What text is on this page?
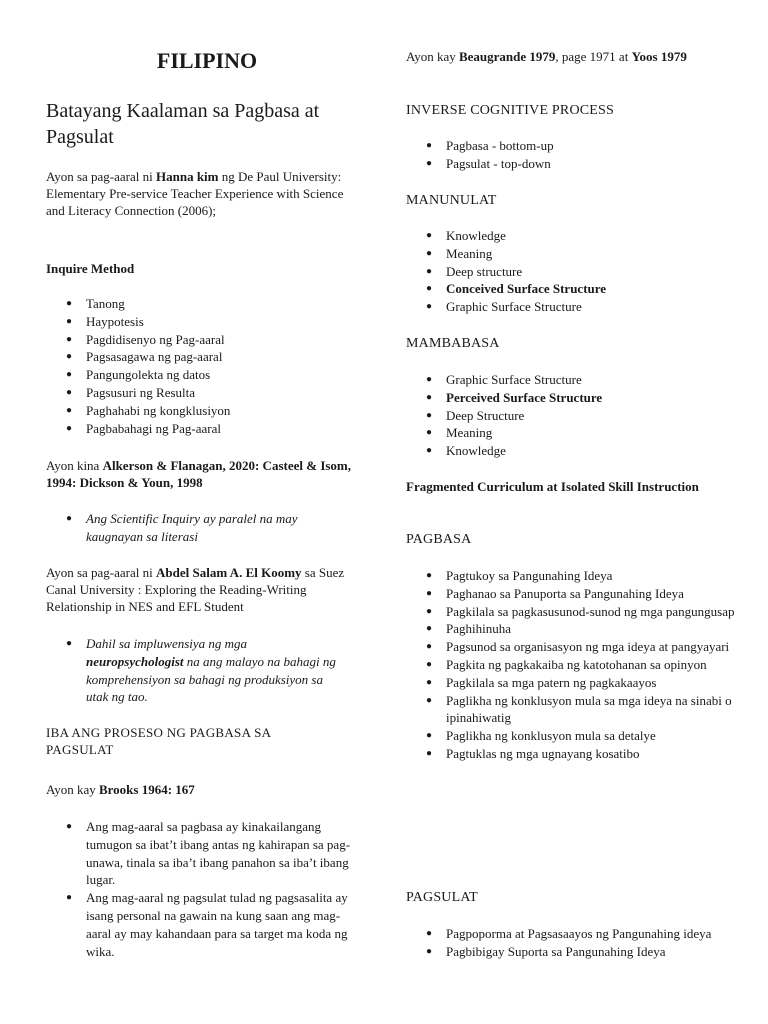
FILIPINO
Batayang Kaalaman sa Pagbasa at Pagsulat

Ayon sa pag-aaral ni Hanna kim ng De Paul University: Elementary Pre-service Teacher Experience with Science and Literacy Connection (2006);

Inquire Method
● Tanong
● Haypotesis
● Pagdidisenyo ng Pag-aaral
● Pagsasagawa ng pag-aaral
● Pangungolekta ng datos
● Pagsusuri ng Resulta
● Paghahabi ng kongklusiyon
● Pagbabahagi ng Pag-aaral

Ayon kina Alkerson & Flanagan, 2020: Casteel & Isom, 1994: Dickson & Youn, 1998

● Ang Scientific Inquiry ay paralel na may kaugnayan sa literasi

Ayon sa pag-aaral ni Abdel Salam A. El Koomy sa Suez Canal University : Exploring the Reading-Writing Relationship in NES and EFL Student

● Dahil sa impluwensiya ng mga neuropsychologist na ang malayo na bahagi ng komprehensiyon sa bahagi ng produksiyon sa utak ng tao.

IBA ANG PROSESO NG PAGBASA SA PAGSULAT

Ayon kay Brooks 1964: 167

● Ang mag-aaral sa pagbasa ay kinakailangang tumugon sa ibat’t ibang antas ng kahirapan sa pag-unawa, tinala sa iba’t ibang panahon sa iba’t ibang lugar.
● Ang mag-aaral ng pagsulat tulad ng pagsasalita ay isang personal na gawain na kung saan ang mag-aaral ay may kahandaan para sa target ma koda ng wika.

Ayon kay Beaugrande 1979, page 1971 at Yoos 1979

INVERSE COGNITIVE PROCESS
● Pagbasa - bottom-up
● Pagsulat - top-down
MANUNULAT
● Knowledge
● Meaning
● Deep structure
● Conceived Surface Structure
● Graphic Surface Structure
MAMBABASA
● Graphic Surface Structure
● Perceived Surface Structure
● Deep Structure
● Meaning
● Knowledge
Fragmented Curriculum at Isolated Skill Instruction
PAGBASA
● Pagtukoy sa Pangunahing Ideya
● Paghanao sa Panuporta sa Pangunahing Ideya
● Pagkilala sa pagkasusunod-sunod ng mga pangungusap
● Paghihinuha
● Pagsunod sa organisasyon ng mga ideya at pangyayari
● Pagkita ng pagkakaiba ng katotohanan sa opinyon
● Pagkilala sa mga patern ng pagkakaayos
● Paglikha ng konklusyon mula sa mga ideya na sinabi o ipinahiwatig
● Paglikha ng konklusyon mula sa detalye
● Pagtuklas ng mga ugnayang kosatibo
PAGSULAT
● Pagpoporma at Pagsasaayos ng Pangunahing ideya
● Pagbibigay Suporta sa Pangunahing Ideya
